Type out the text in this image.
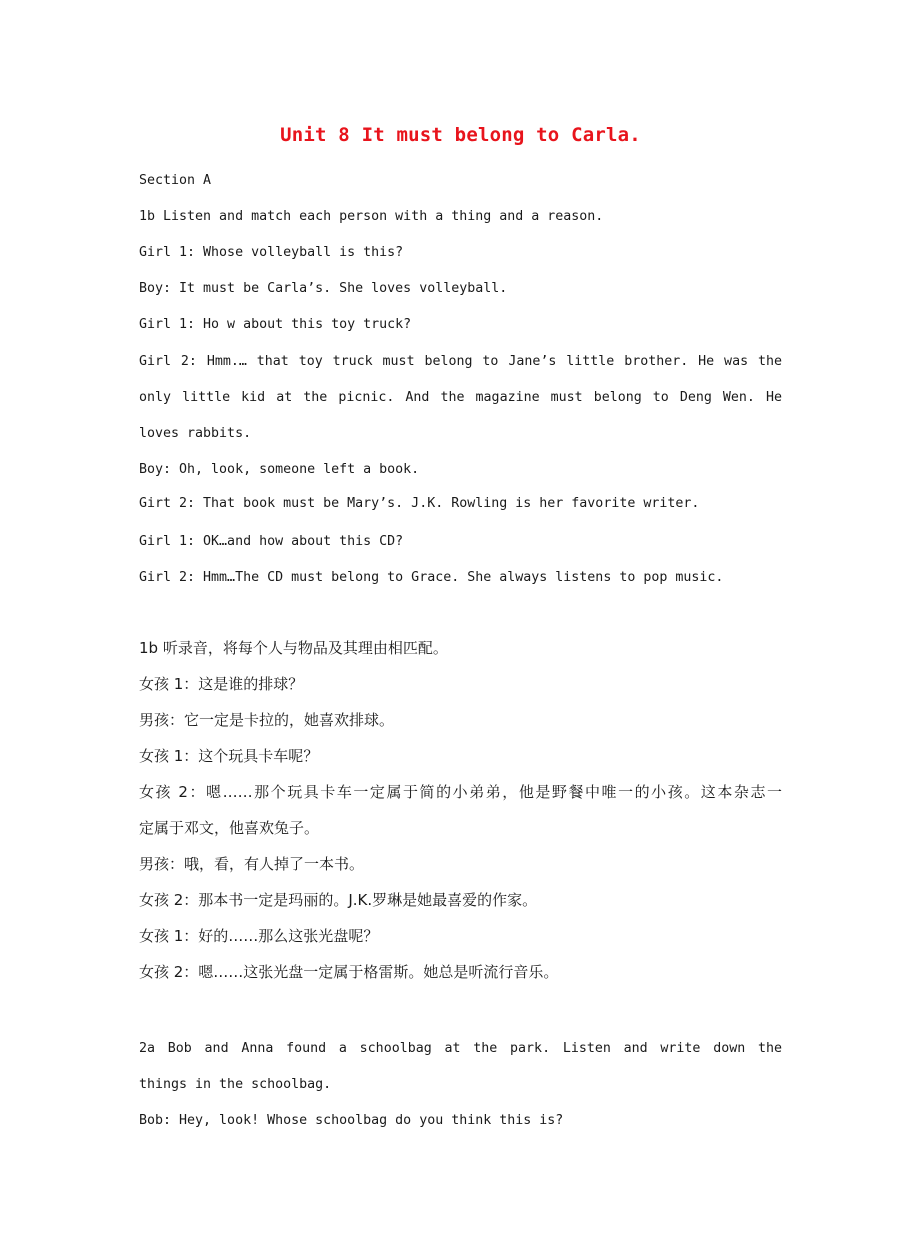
Unit 8 It must belong to Carla.
Section A
1b Listen and match each person with a thing and a reason.
Girl 1: Whose volleyball is this?
Boy: It must be Carla’s. She loves volleyball.
Girl 1: Ho w about this toy truck?
Girl 2: Hmm.… that toy truck must belong to Jane’s little brother. He was the
only little kid at the picnic. And the magazine must belong to Deng Wen. He
loves rabbits.
Boy: Oh, look, someone left a book.
Girt 2: That book must be Mary’s. J.K. Rowling is her favorite writer.
Girl 1: OK…and how about this CD?
Girl 2: Hmm…The CD must belong to Grace. She always listens to pop music.
1b 听录音，将每个人与物品及其理由相匹配。
女孩 1：这是谁的排球？
男孩：它一定是卡拉的，她喜欢排球。
女孩 1：这个玩具卡车呢？
女孩 2：嗯……那个玩具卡车一定属于简的小弟弟，他是野餐中唯一的小孩。这本杂志一
定属于邓文，他喜欢兔子。
男孩：哦，看，有人掉了一本书。
女孩 2：那本书一定是玛丽的。J.K.罗琳是她最喜爱的作家。
女孩 1：好的……那么这张光盘呢？
女孩 2：嗯……这张光盘一定属于格雷斯。她总是听流行音乐。
2a Bob and Anna found a schoolbag at the park. Listen and write down the
things in the schoolbag.
Bob: Hey, look! Whose schoolbag do you think this is?
